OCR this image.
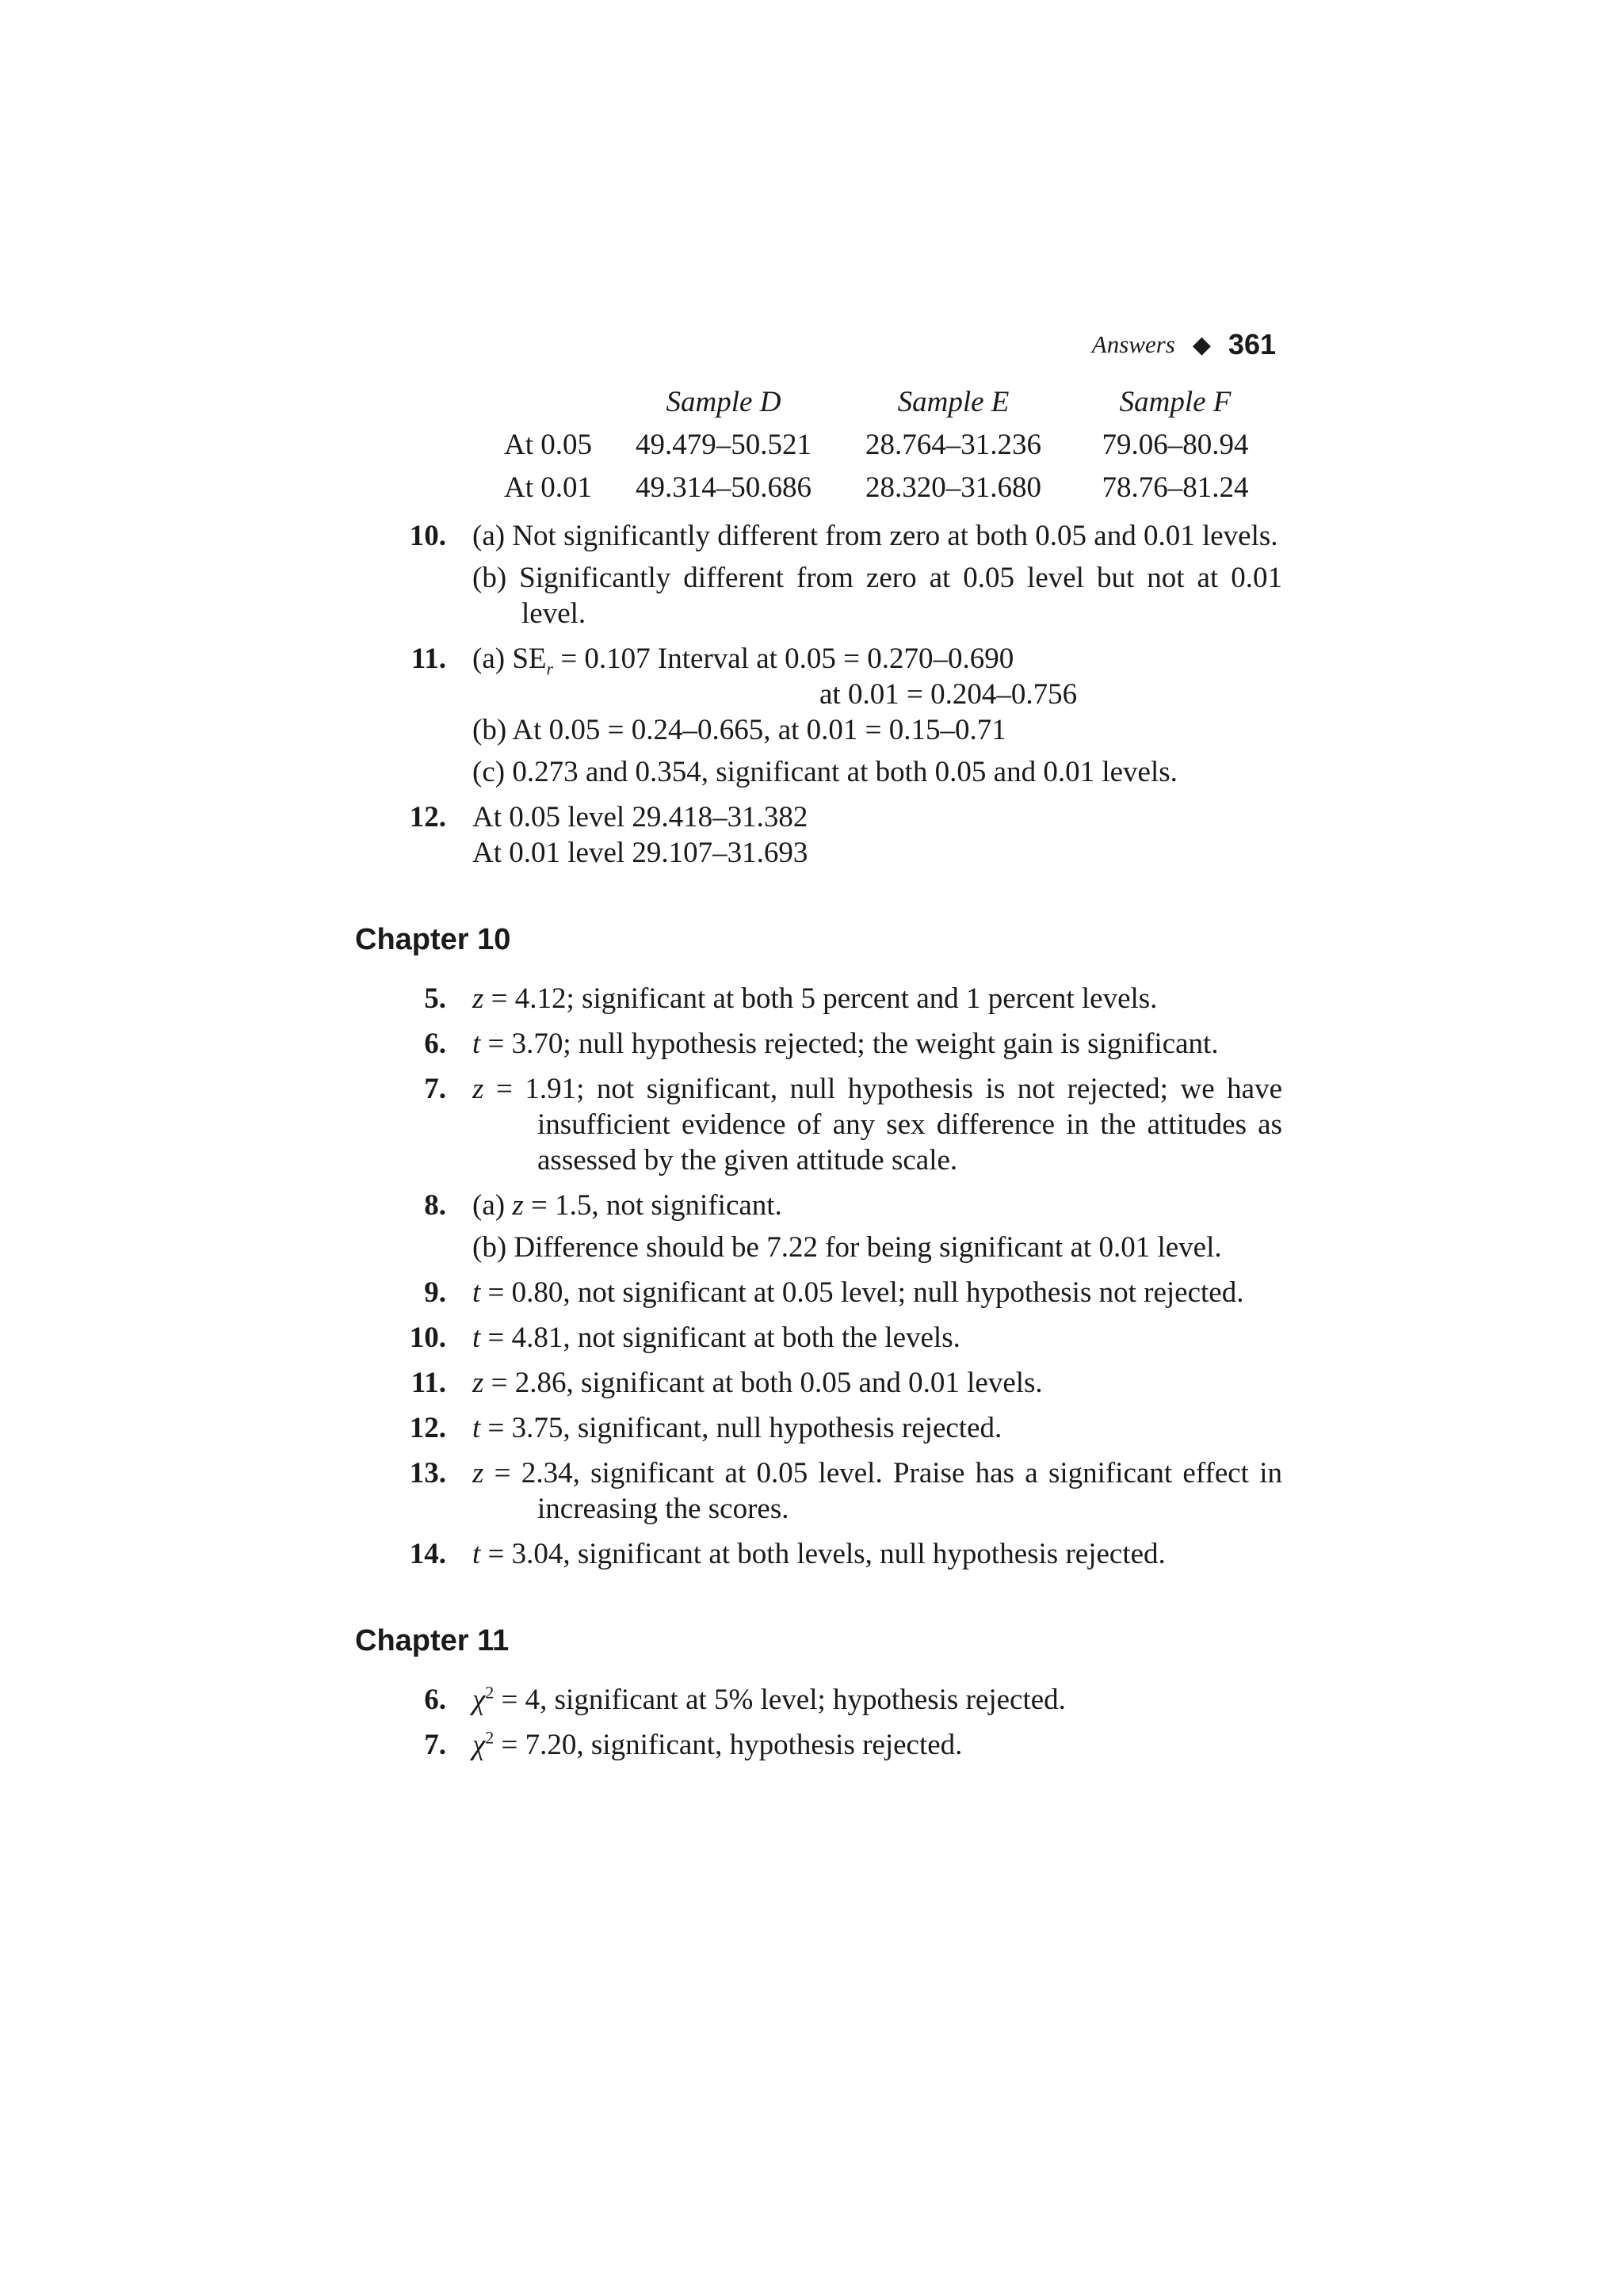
Answers ◆ 361
	Sample D	Sample E	Sample F
At 0.05	49.479–50.521	28.764–31.236	79.06–80.94
At 0.01	49.314–50.686	28.320–31.680	78.76–81.24
10. (a) Not significantly different from zero at both 0.05 and 0.01 levels.
(b) Significantly different from zero at 0.05 level but not at 0.01 level.
11. (a) $SE_r = 0.107$ Interval at 0.05 = 0.270–0.690
at 0.01 = 0.204–0.756
(b) At 0.05 = 0.24–0.665, at 0.01 = 0.15–0.71
(c) 0.273 and 0.354, significant at both 0.05 and 0.01 levels.
12. At 0.05 level 29.418–31.382
At 0.01 level 29.107–31.693
Chapter 10
5. z = 4.12; significant at both 5 percent and 1 percent levels.
6. t = 3.70; null hypothesis rejected; the weight gain is significant.
7. z = 1.91; not significant, null hypothesis is not rejected; we have insufficient evidence of any sex difference in the attitudes as assessed by the given attitude scale.
8. (a) z = 1.5, not significant.
(b) Difference should be 7.22 for being significant at 0.01 level.
9. t = 0.80, not significant at 0.05 level; null hypothesis not rejected.
10. t = 4.81, not significant at both the levels.
11. z = 2.86, significant at both 0.05 and 0.01 levels.
12. t = 3.75, significant, null hypothesis rejected.
13. z = 2.34, significant at 0.05 level. Praise has a significant effect in increasing the scores.
14. t = 3.04, significant at both levels, null hypothesis rejected.
Chapter 11
6. $\chi^2 = 4$, significant at 5% level; hypothesis rejected.
7. $\chi^2 = 7.20$, significant, hypothesis rejected.
